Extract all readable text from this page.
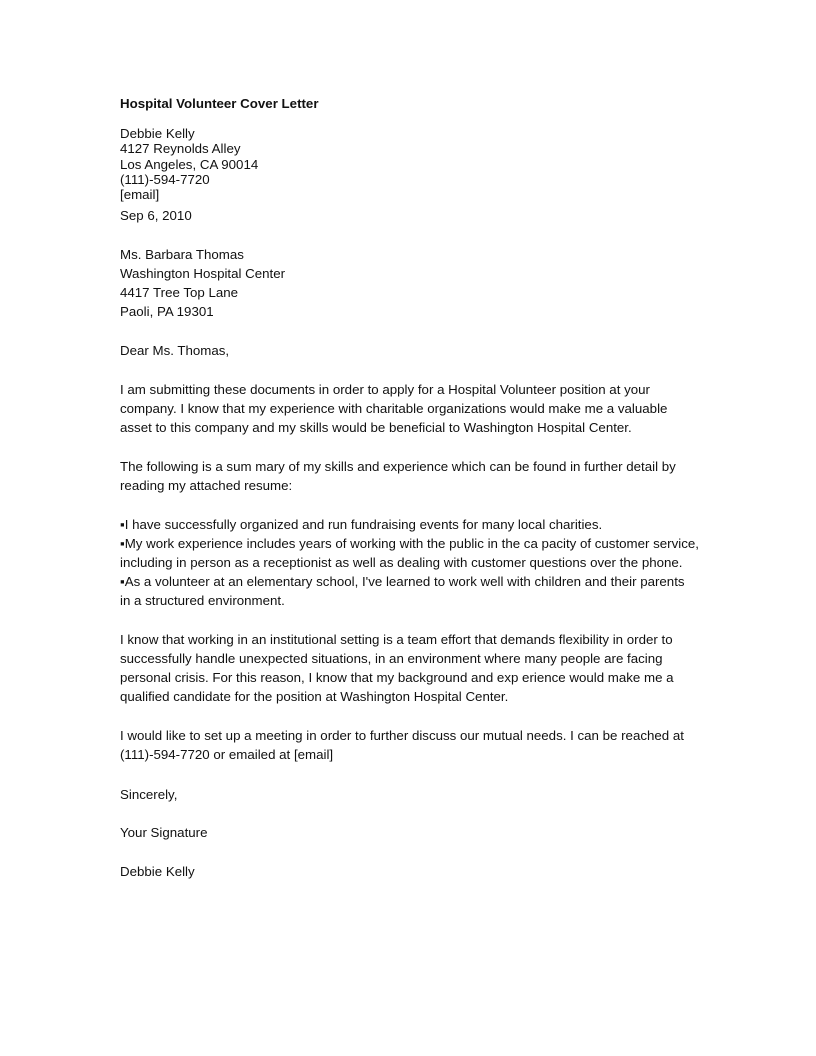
Hospital Volunteer Cover Letter
Debbie Kelly
4127 Reynolds Alley
Los Angeles, CA 90014
(111)-594-7720
[email]
Sep 6, 2010
Ms. Barbara Thomas
Washington Hospital Center
4417 Tree Top Lane
Paoli, PA 19301
Dear Ms. Thomas,
I am submitting these documents in order to apply for a Hospital Volunteer position at your
company. I know that my experience with charitable organizations would make me a valuable
asset to this company and my skills would be beneficial to Washington Hospital Center.
The following is a sum mary of my skills and experience which can be found in further detail by
reading my attached resume:
▪I have successfully organized and run fundraising events for many local charities.
▪My work experience includes years of working with the public in the ca pacity of customer service,
including in person as a receptionist as well as dealing with customer questions over the phone.
▪As a volunteer at an elementary school, I've learned to work well with children and their parents
in a structured environment.
I know that working in an institutional setting is a team effort that demands flexibility in order to
successfully handle unexpected situations, in an environment where many people are facing
personal crisis. For this reason, I know that my background and exp erience would make me a
qualified candidate for the position at Washington Hospital Center.
I would like to set up a meeting in order to further discuss our mutual needs. I can be reached at
(111)-594-7720 or emailed at [email]
Sincerely,
Your Signature
Debbie Kelly
